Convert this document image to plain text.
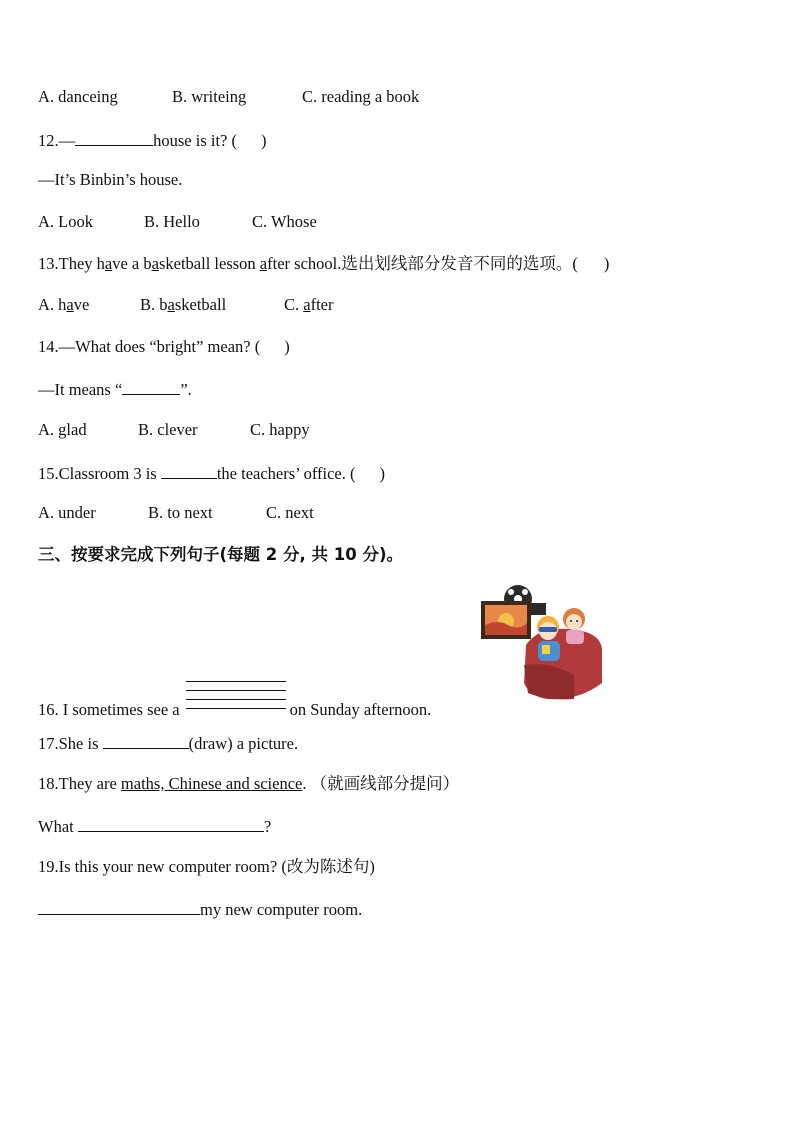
A. danceing	B. writeing	C. reading a book
12.—	house is it? ( )
—It’s Binbin’s house.
A. Look	B. Hello	C. Whose
13.They have a basketball lesson after school.选出划线部分发音不同的选项。( )
A. have	B. basketball	C. after
14.—What does “bright” mean? ( )
—It means “	”.
A. glad	B. clever	C. happy
15.Classroom 3 is	the teachers’ office. ( )
A. under	B. to next	C. next
三、按要求完成下列句子(每题 2 分, 共 10 分)。
16. I sometimes see a	on Sunday afternoon.
17.She is	(draw) a picture.
18.They are maths, Chinese and science. （就画线部分提问）
What	?
19.Is this your new computer room? (改为陈述句)
my new computer room.
